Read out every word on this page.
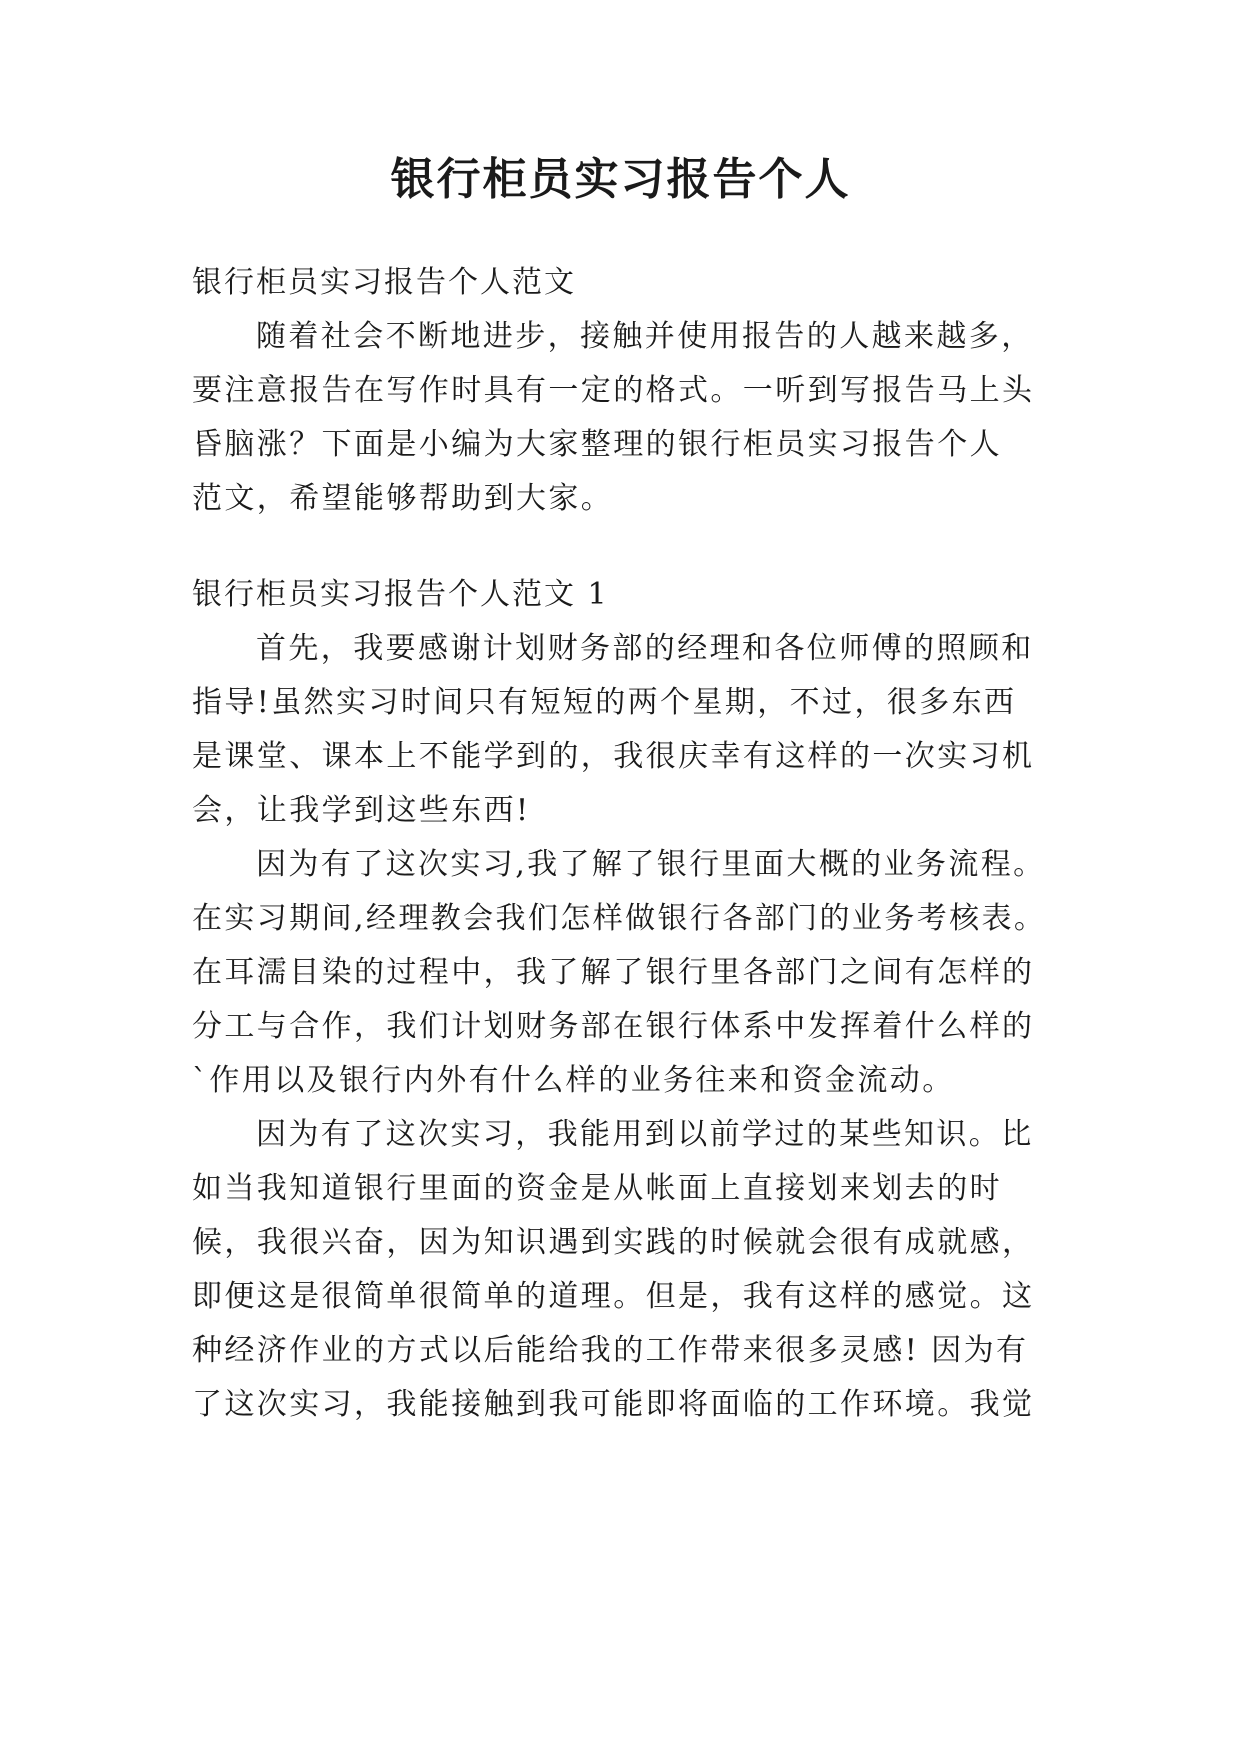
银行柜员实习报告个人

银行柜员实习报告个人范文

随着社会不断地进步，接触并使用报告的人越来越多，

要注意报告在写作时具有一定的格式。一听到写报告马上头

昏脑涨？下面是小编为大家整理的银行柜员实习报告个人

范文，希望能够帮助到大家。

银行柜员实习报告个人范文 1

首先，我要感谢计划财务部的经理和各位师傅的照顾和

指导!虽然实习时间只有短短的两个星期，不过，很多东西

是课堂、课本上不能学到的，我很庆幸有这样的一次实习机

会，让我学到这些东西!

因为有了这次实习,我了解了银行里面大概的业务流程。

在实习期间,经理教会我们怎样做银行各部门的业务考核表。

在耳濡目染的过程中，我了解了银行里各部门之间有怎样的

分工与合作，我们计划财务部在银行体系中发挥着什么样的

`作用以及银行内外有什么样的业务往来和资金流动。

因为有了这次实习，我能用到以前学过的某些知识。比

如当我知道银行里面的资金是从帐面上直接划来划去的时

候，我很兴奋，因为知识遇到实践的时候就会很有成就感，

即便这是很简单很简单的道理。但是，我有这样的感觉。这

种经济作业的方式以后能给我的工作带来很多灵感! 因为有

了这次实习，我能接触到我可能即将面临的工作环境。我觉
